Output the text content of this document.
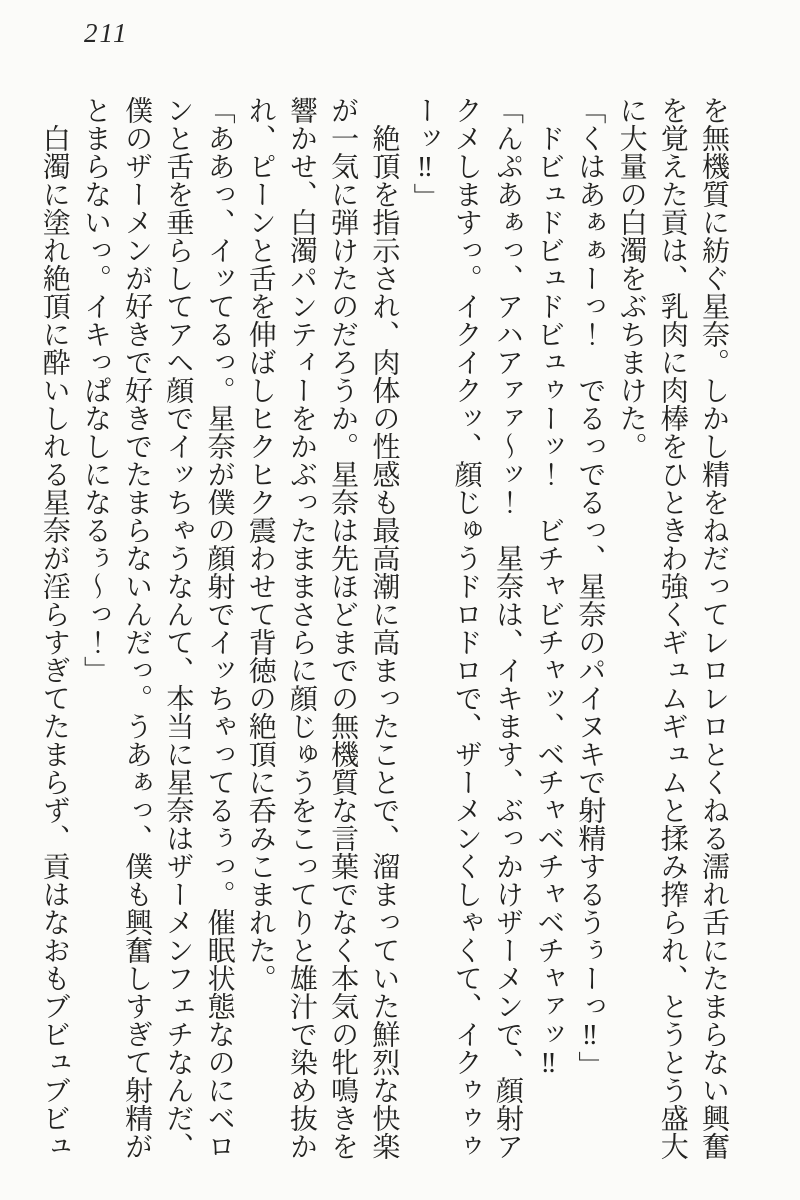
211
を無機質に紡ぐ星奈。しかし精をねだってレロレロとくねる濡れ舌にたまらない興奮
を覚えた貢は、乳肉に肉棒をひときわ強くギュムギュムと揉み搾られ、とうとう盛大
に大量の白濁をぶちまけた。
「くはあぁぁーっ！　でるっでるっ、星奈のパイヌキで射精するうぅーっ‼」
　ドビュドビュドビュゥーッ！　ビチャビチャッ、ベチャベチャベチャァッ‼
「んぷあぁっ、アハアァァ～ッ！　星奈は、イキます、ぶっかけザーメンで、顔射ア
クメしますっ。イクイクッ、顔じゅうドロドロで、ザーメンくしゃくて、イクゥゥゥ
ーッ‼」
　絶頂を指示され、肉体の性感も最高潮に高まったことで、溜まっていた鮮烈な快楽
が一気に弾けたのだろうか。星奈は先ほどまでの無機質な言葉でなく本気の牝鳴きを
響かせ、白濁パンティーをかぶったままさらに顔じゅうをこってりと雄汁で染め抜か
れ、ピーンと舌を伸ばしヒクヒク震わせて背徳の絶頂に呑みこまれた。
「ああっ、イッてるっ。星奈が僕の顔射でイッちゃってるぅっ。催眠状態なのにベロ
ンと舌を垂らしてアヘ顔でイッちゃうなんて、本当に星奈はザーメンフェチなんだ、
僕のザーメンが好きで好きでたまらないんだっ。うあぁっ、僕も興奮しすぎて射精が
とまらないっ。イキっぱなしになるぅ～っ！」
　白濁に塗れ絶頂に酔いしれる星奈が淫らすぎてたまらず、貢はなおもブビュブビュ
